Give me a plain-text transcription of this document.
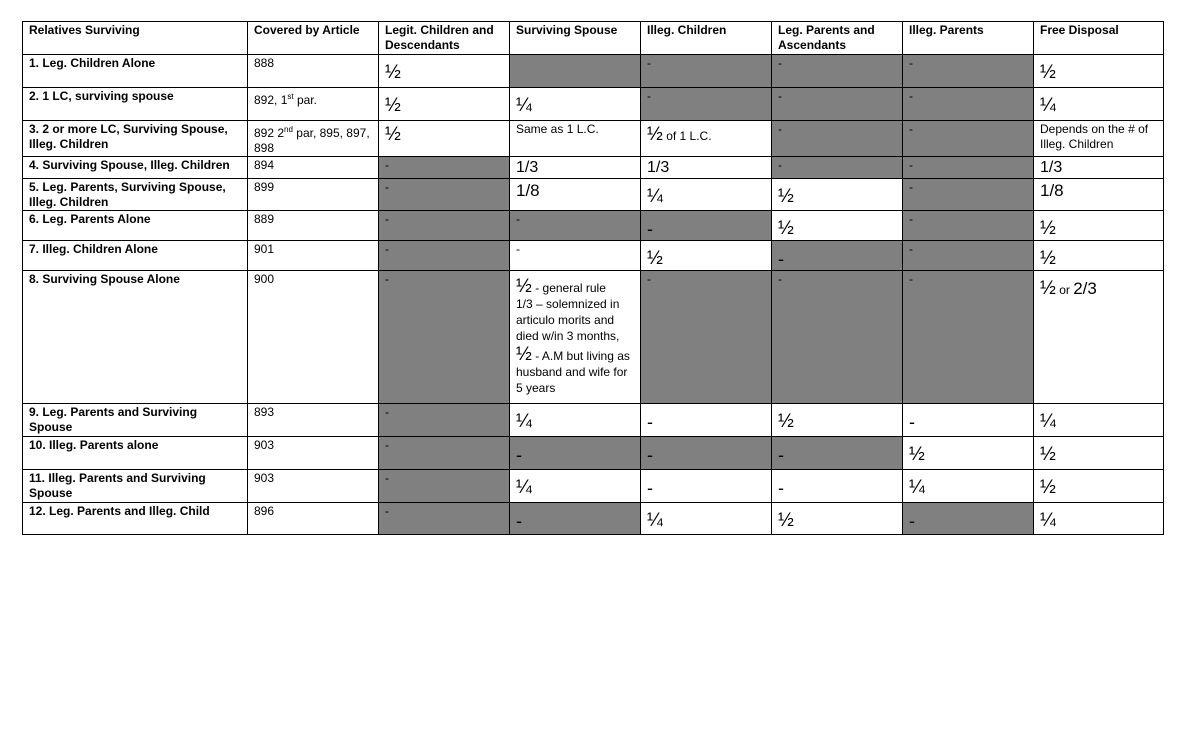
Relatives Surviving	Covered by Article	Legit. Children and Descendants	Surviving Spouse	Illeg. Children	Leg. Parents and Ascendants	Illeg. Parents	Free Disposal
1. Leg. Children Alone	888	½		-	-	-	½
2. 1 LC, surviving spouse	892, 1st par.	½	¼	-	-	-	¼
3. 2 or more LC, Surviving Spouse, Illeg. Children	892 2nd par, 895, 897, 898	½	Same as 1 L.C.	½ of 1 L.C.	-	-	Depends on the # of Illeg. Children
4. Surviving Spouse, Illeg. Children	894	-	1/3	1/3	-	-	1/3
5. Leg. Parents, Surviving Spouse, Illeg. Children	899	-	1/8	¼	½	-	1/8
6. Leg. Parents Alone	889	-	-	-	½	-	½
7. Illeg. Children Alone	901	-	-	½	-	-	½
8. Surviving Spouse Alone	900	-	½ - general rule
1/3 – solemnized in articulo morits and died w/in 3 months,
½ - A.M but living as husband and wife for 5 years	-	-	-	½ or 2/3
9. Leg. Parents and Surviving Spouse	893	-	¼	-	½	-	¼
10. Illeg. Parents alone	903	-	-	-	-	½	½
11. Illeg. Parents and Surviving Spouse	903	-	¼	-	-	¼	½
12. Leg. Parents and Illeg. Child	896	-	-	¼	½	-	¼
